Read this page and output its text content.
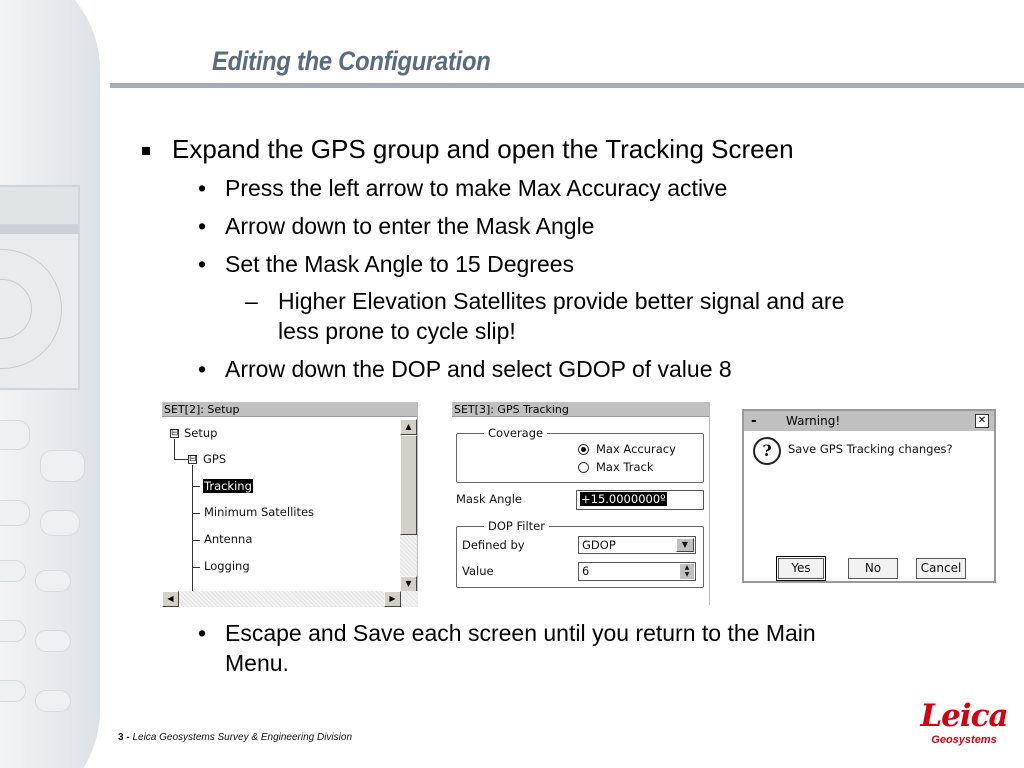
Editing the Configuration
Expand the GPS group and open the Tracking Screen
• Press the left arrow to make Max Accuracy active
• Arrow down to enter the Mask Angle
• Set the Mask Angle to 15 Degrees
– Higher Elevation Satellites provide better signal and are
less prone to cycle slip!
• Arrow down the DOP and select GDOP of value 8
• Escape and Save each screen until you return to the Main
Menu.
SET[2]: Setup
⊟ Setup
⊟ GPS
Tracking
Minimum Satellites
Antenna
Logging
▲
▼
◀	▶
SET[3]: GPS Tracking
Coverage
Max Accuracy
Max Track
Mask Angle	+15.0000000º
DOP Filter
Defined by	GDOP	▼
Value	6	▲
▼
- Warning!	✕
?	Save GPS Tracking changes?
Yes	No	Cancel
3 - Leica Geosystems Survey & Engineering Division
Leica
Geosystems
